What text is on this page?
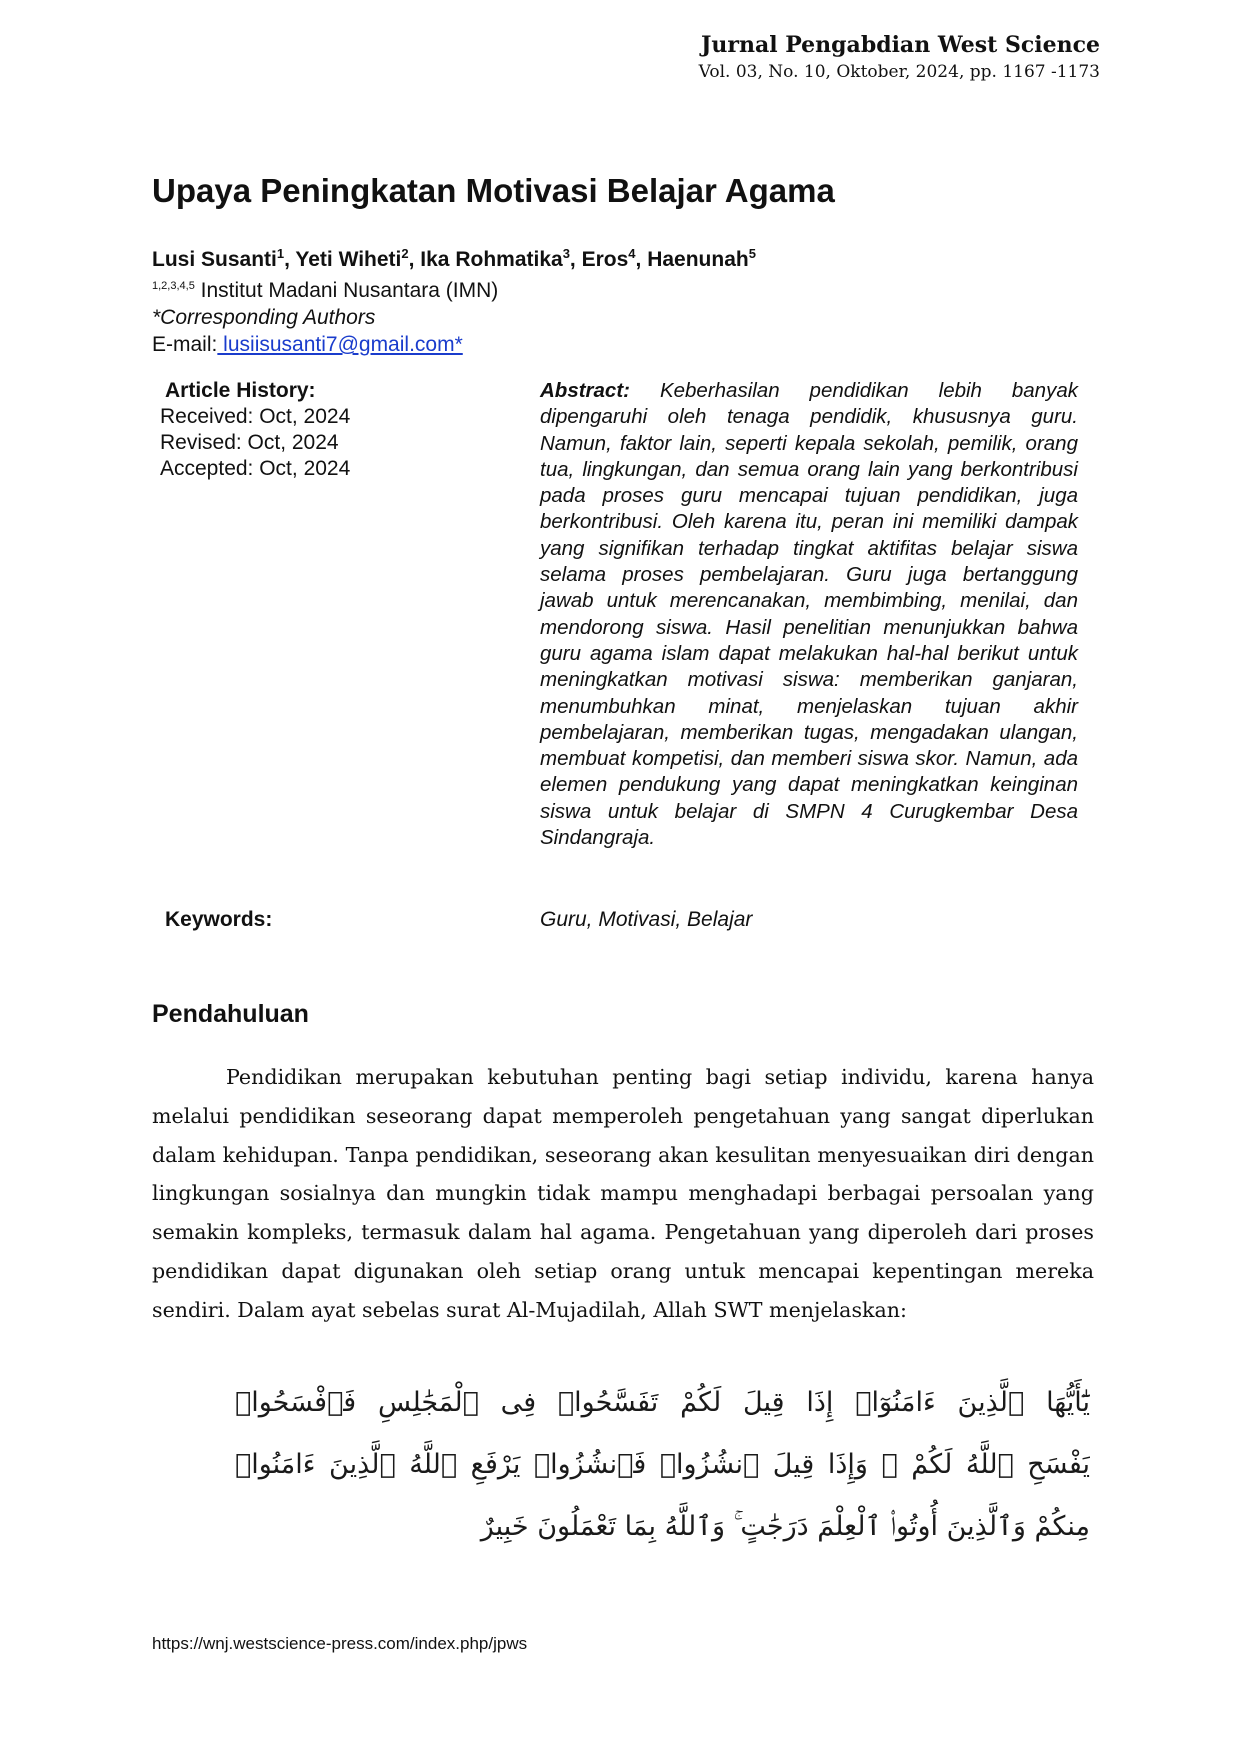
Jurnal Pengabdian West Science
Vol. 03, No. 10, Oktober, 2024, pp. 1167 -1173
Upaya Peningkatan Motivasi Belajar Agama
Lusi Susanti$^1$, Yeti Wiheti$^2$, Ika Rohmatika$^3$, Eros$^4$, Haenunah$^5$
$^{1,2,3,4,5}$ Institut Madani Nusantara (IMN)
*Corresponding Authors
E-mail: lusiisusanti7@gmail.com*
Article History:
Received: Oct, 2024
Revised: Oct, 2024
Accepted: Oct, 2024
Abstract: Keberhasilan pendidikan lebih banyak dipengaruhi oleh tenaga pendidik, khususnya guru. Namun, faktor lain, seperti kepala sekolah, pemilik, orang tua, lingkungan, dan semua orang lain yang berkontribusi pada proses guru mencapai tujuan pendidikan, juga berkontribusi. Oleh karena itu, peran ini memiliki dampak yang signifikan terhadap tingkat aktifitas belajar siswa selama proses pembelajaran. Guru juga bertanggung jawab untuk merencanakan, membimbing, menilai, dan mendorong siswa. Hasil penelitian menunjukkan bahwa guru agama islam dapat melakukan hal-hal berikut untuk meningkatkan motivasi siswa: memberikan ganjaran, menumbuhkan minat, menjelaskan tujuan akhir pembelajaran, memberikan tugas, mengadakan ulangan, membuat kompetisi, dan memberi siswa skor. Namun, ada elemen pendukung yang dapat meningkatkan keinginan siswa untuk belajar di SMPN 4 Curugkembar Desa Sindangraja.
Keywords:	Guru, Motivasi, Belajar
Pendahuluan
Pendidikan merupakan kebutuhan penting bagi setiap individu, karena hanya melalui pendidikan seseorang dapat memperoleh pengetahuan yang sangat diperlukan dalam kehidupan. Tanpa pendidikan, seseorang akan kesulitan menyesuaikan diri dengan lingkungan sosialnya dan mungkin tidak mampu menghadapi berbagai persoalan yang semakin kompleks, termasuk dalam hal agama. Pengetahuan yang diperoleh dari proses pendidikan dapat digunakan oleh setiap orang untuk mencapai kepentingan mereka sendiri. Dalam ayat sebelas surat Al-Mujadilah, Allah SWT menjelaskan:
يَٰٓأَيُّهَا ٱلَّذِينَ ءَامَنُوٓا۟ إِذَا قِيلَ لَكُمْ تَفَسَّحُوا۟ فِى ٱلْمَجَٰلِسِ فَٱفْسَحُوا۟
يَفْسَحِ ٱللَّهُ لَكُمْ ۖ وَإِذَا قِيلَ ٱنشُزُوا۟ فَٱنشُزُوا۟ يَرْفَعِ ٱللَّهُ ٱلَّذِينَ ءَامَنُوا۟
مِنكُمْ وَٱلَّذِينَ أُوتُوا۟ ٱلْعِلْمَ دَرَجَٰتٍ ۚ وَٱللَّهُ بِمَا تَعْمَلُونَ خَبِيرٌ
https://wnj.westscience-press.com/index.php/jpws
